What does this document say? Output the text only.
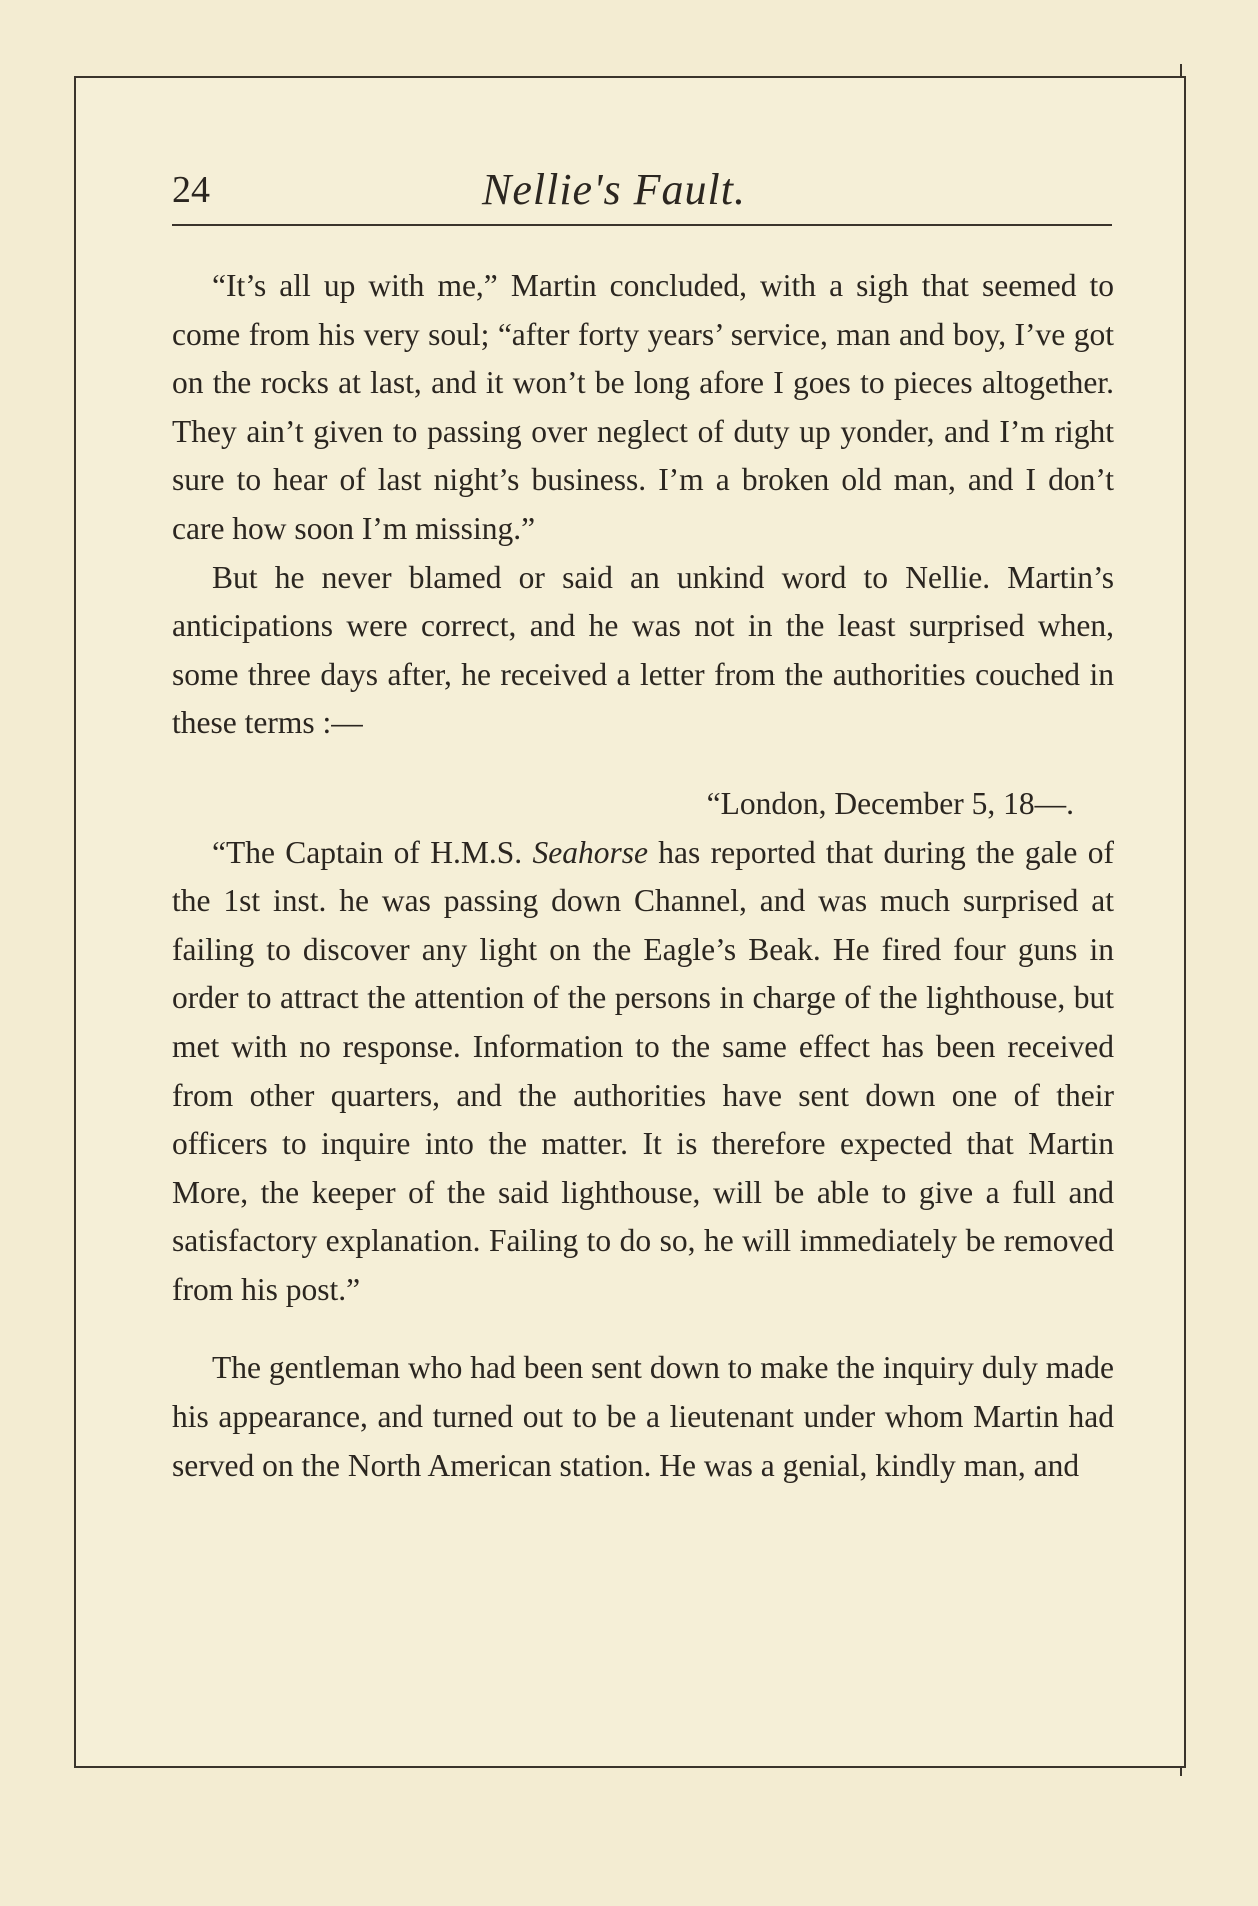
24	Nellie's Fault.

“It’s all up with me,” Martin concluded, with a sigh that seemed to come from his very soul; “after forty years’ service, man and boy, I’ve got on the rocks at last, and it won’t be long afore I goes to pieces altogether. They ain’t given to passing over neglect of duty up yonder, and I’m right sure to hear of last night’s business. I’m a broken old man, and I don’t care how soon I’m missing.”

But he never blamed or said an unkind word to Nellie. Martin’s anticipations were correct, and he was not in the least surprised when, some three days after, he received a letter from the authorities couched in these terms :—

“London, December 5, 18—.

“The Captain of H.M.S. Seahorse has reported that during the gale of the 1st inst. he was passing down Channel, and was much surprised at failing to discover any light on the Eagle’s Beak. He fired four guns in order to attract the attention of the persons in charge of the lighthouse, but met with no response. Information to the same effect has been received from other quarters, and the authorities have sent down one of their officers to inquire into the matter. It is therefore expected that Martin More, the keeper of the said lighthouse, will be able to give a full and satisfactory explanation. Failing to do so, he will immediately be removed from his post.”

The gentleman who had been sent down to make the inquiry duly made his appearance, and turned out to be a lieutenant under whom Martin had served on the North American station. He was a genial, kindly man, and
